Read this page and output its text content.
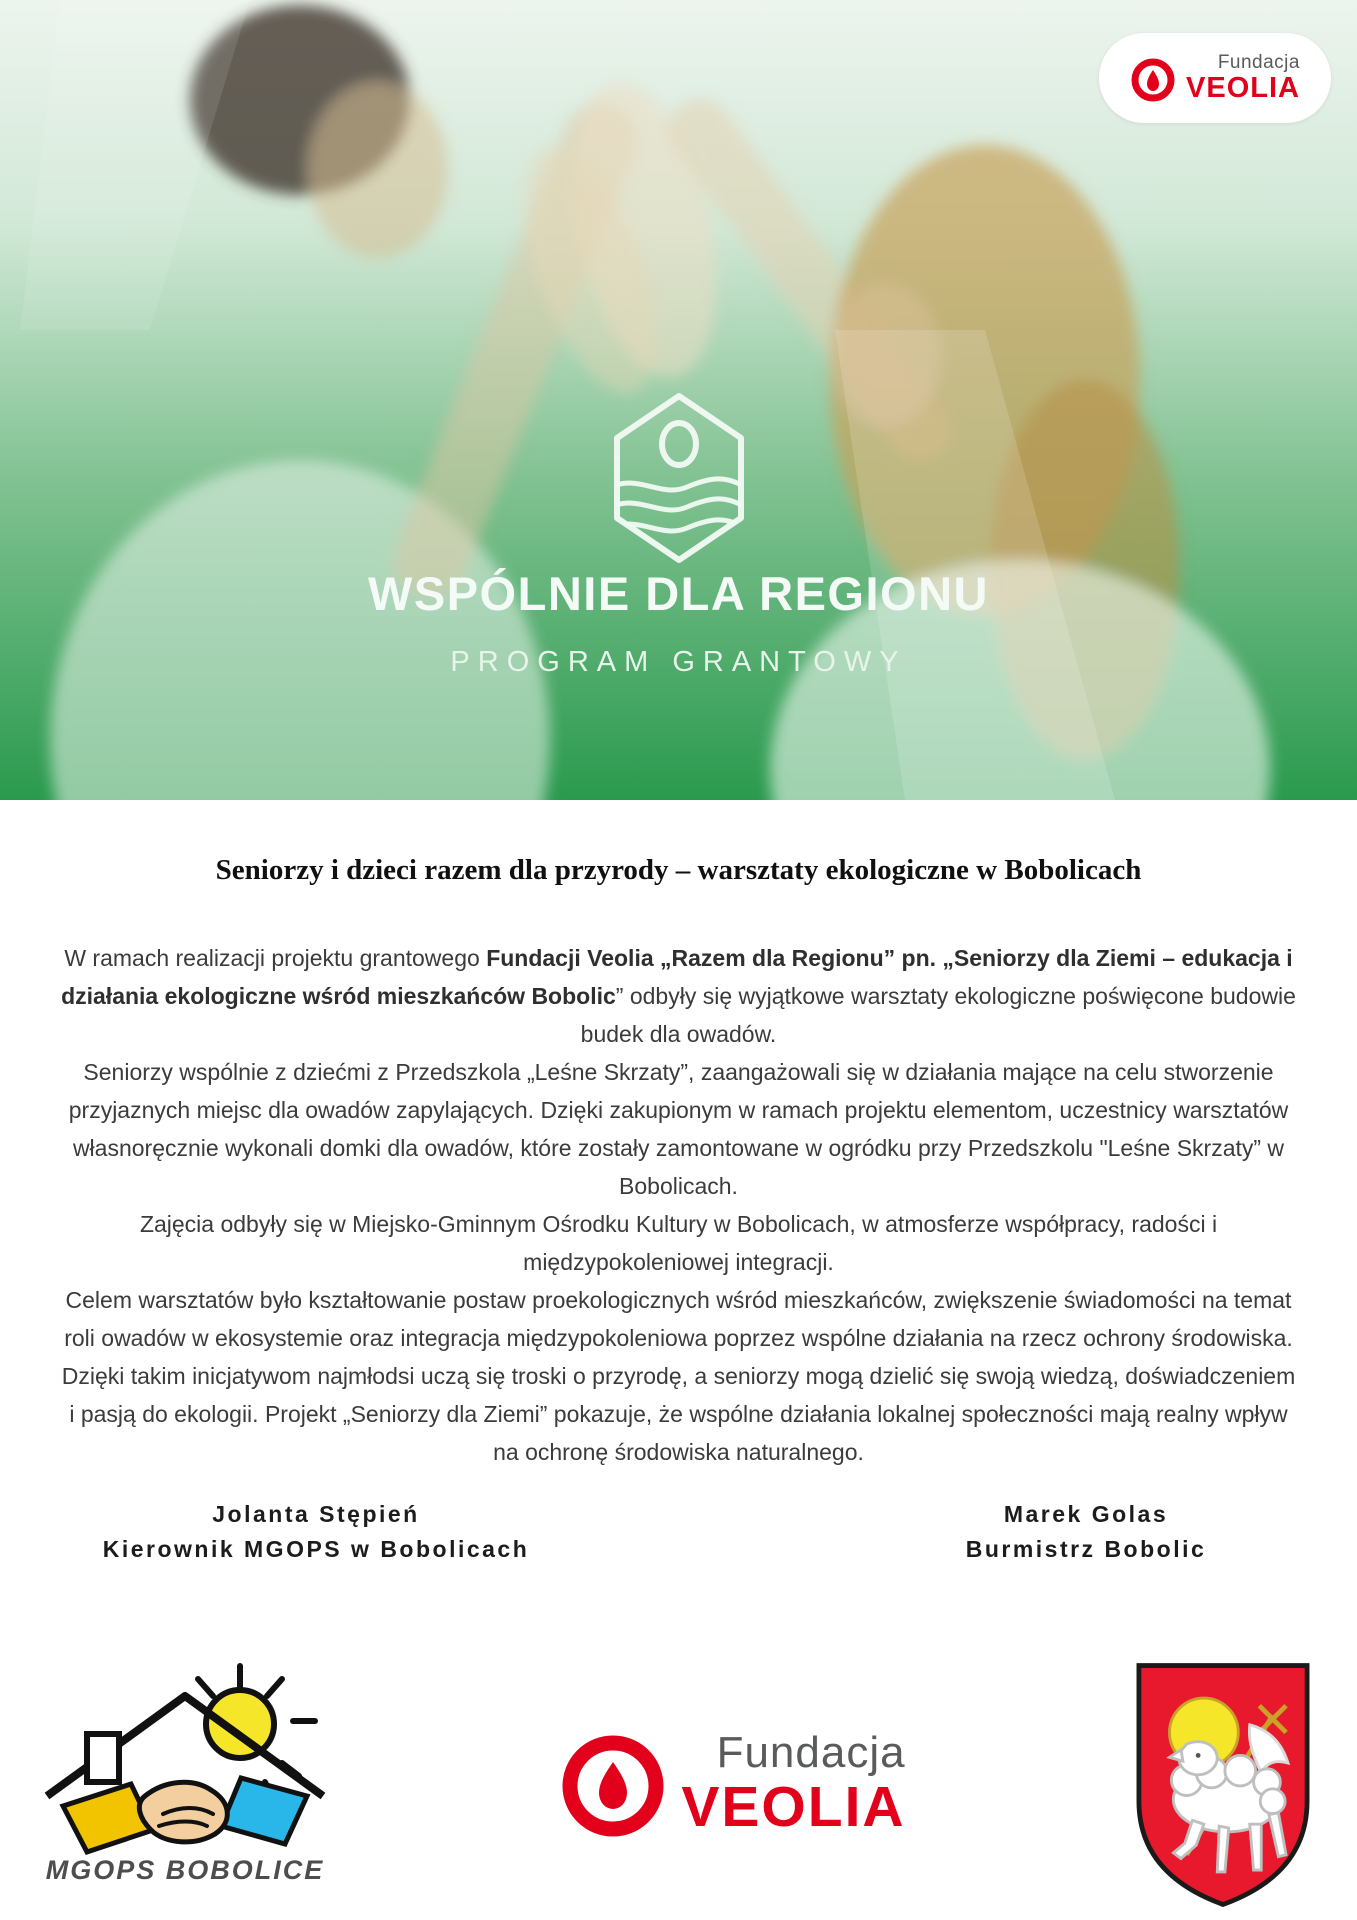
Fundacja
VEOLIA
WSPÓLNIE DLA REGIONU
PROGRAM GRANTOWY
Seniorzy i dzieci razem dla przyrody – warsztaty ekologiczne w Bobolicach

W ramach realizacji projektu grantowego Fundacji Veolia „Razem dla Regionu” pn. „Seniorzy dla Ziemi – edukacja i działania ekologiczne wśród mieszkańców Bobolic” odbyły się wyjątkowe warsztaty ekologiczne poświęcone budowie budek dla owadów.

Seniorzy wspólnie z dziećmi z Przedszkola „Leśne Skrzaty”, zaangażowali się w działania mające na celu stworzenie przyjaznych miejsc dla owadów zapylających. Dzięki zakupionym w ramach projektu elementom, uczestnicy warsztatów własnoręcznie wykonali domki dla owadów, które zostały zamontowane w ogródku przy Przedszkolu "Leśne Skrzaty” w Bobolicach.

Zajęcia odbyły się w Miejsko-Gminnym Ośrodku Kultury w Bobolicach, w atmosferze współpracy, radości i międzypokoleniowej integracji.

Celem warsztatów było kształtowanie postaw proekologicznych wśród mieszkańców, zwiększenie świadomości na temat roli owadów w ekosystemie oraz integracja międzypokoleniowa poprzez wspólne działania na rzecz ochrony środowiska.

Dzięki takim inicjatywom najmłodsi uczą się troski o przyrodę, a seniorzy mogą dzielić się swoją wiedzą, doświadczeniem i pasją do ekologii. Projekt „Seniorzy dla Ziemi” pokazuje, że wspólne działania lokalnej społeczności mają realny wpływ na ochronę środowiska naturalnego.

Jolanta Stępień
Kierownik MGOPS w Bobolicach
Marek Golas
Burmistrz Bobolic
MGOPS BOBOLICE
Fundacja
VEOLIA
